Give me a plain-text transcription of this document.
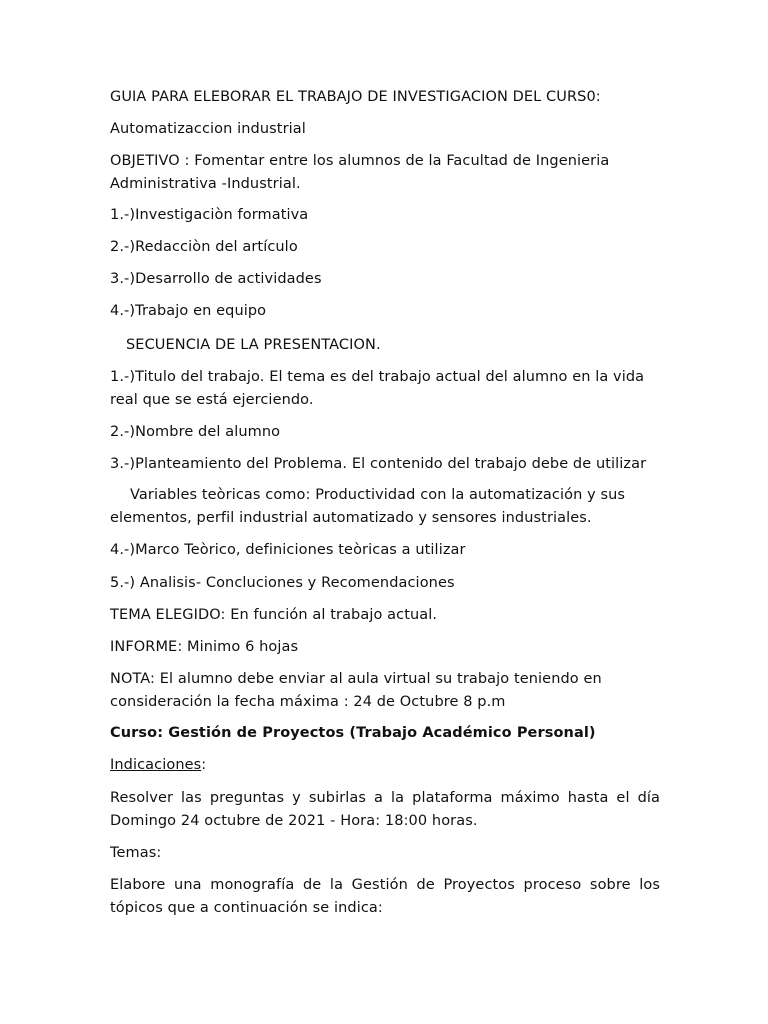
GUIA PARA ELEBORAR EL TRABAJO DE INVESTIGACION DEL CURS0:
Automatizaccion industrial
OBJETIVO : Fomentar entre los alumnos de la Facultad de Ingenieria Administrativa -Industrial.
1.-)Investigaciòn formativa
2.-)Redacciòn del artículo
3.-)Desarrollo de actividades
4.-)Trabajo en equipo
SECUENCIA DE LA PRESENTACION.
1.-)Titulo del trabajo. El tema es del trabajo actual del alumno en la vida real que se está ejerciendo.
2.-)Nombre del alumno
3.-)Planteamiento del Problema. El contenido del trabajo debe de utilizar
Variables teòricas como: Productividad con la automatización y sus elementos, perfil industrial automatizado y sensores industriales.
4.-)Marco Teòrico, definiciones teòricas a utilizar
5.-) Analisis- Concluciones y Recomendaciones
TEMA ELEGIDO: En función al trabajo actual.
INFORME: Minimo 6 hojas
NOTA: El alumno debe enviar al aula virtual su trabajo teniendo en consideración la fecha máxima : 24 de Octubre 8 p.m
Curso: Gestión de Proyectos (Trabajo Académico Personal)
Indicaciones:
Resolver las preguntas y subirlas a la plataforma máximo hasta el día Domingo 24 octubre de 2021 - Hora: 18:00 horas.
Temas:
Elabore una monografía de la Gestión de Proyectos proceso sobre los tópicos que a continuación se indica:
